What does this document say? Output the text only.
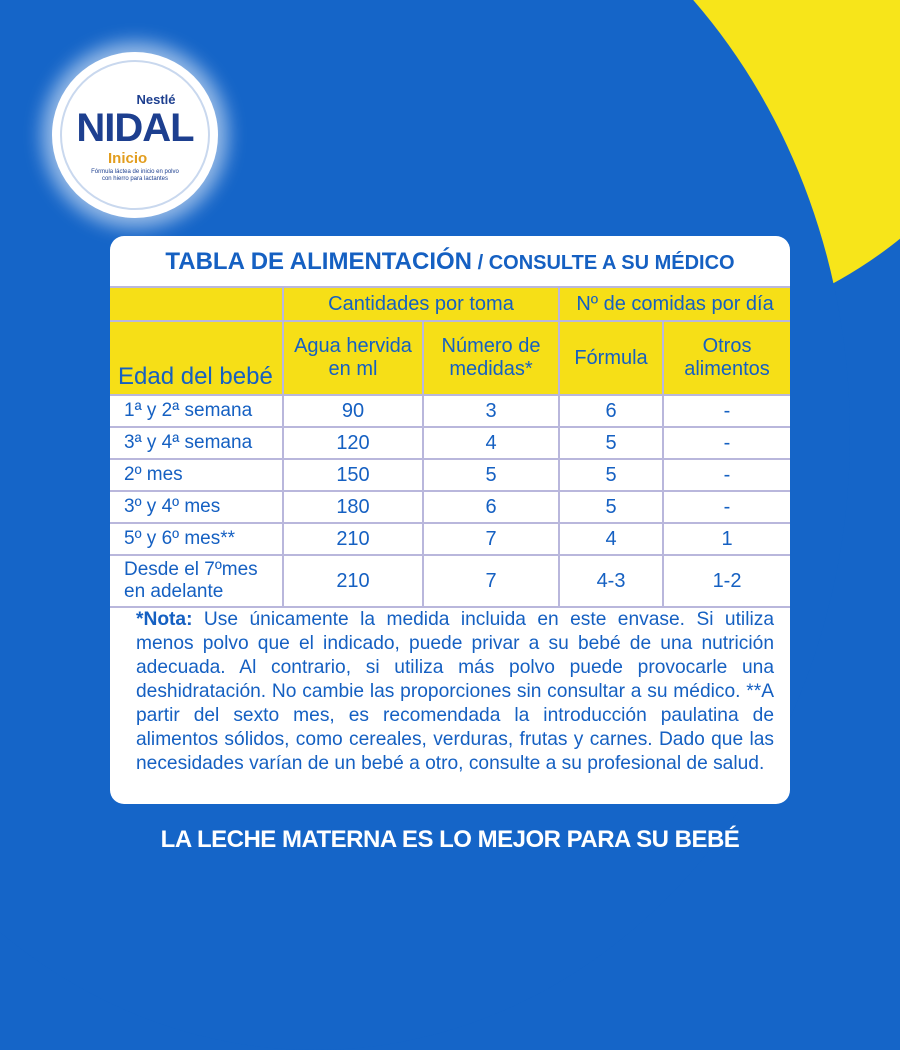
Nestlé
NIDAL
Inicio
Fórmula láctea de inicio en polvo con hierro para lactantes
TABLA DE ALIMENTACIÓN / CONSULTE A SU MÉDICO
	Cantidades por toma		Nº de comidas por día	
Edad del bebé	Agua hervida en ml	Número de medidas*	Fórmula	Otros alimentos
1ª y 2ª semana	90	3	6	-
3ª y 4ª semana	120	4	5	-
2º mes	150	5	5	-
3º y 4º mes	180	6	5	-
5º y 6º mes**	210	7	4	1
Desde el 7ºmes en adelante	210	7	4-3	1-2
*Nota: Use únicamente la medida incluida en este envase. Si utiliza menos polvo que el indicado, puede privar a su bebé de una nutrición adecuada. Al contrario, si utiliza más polvo puede provocarle una deshidratación. No cambie las proporciones sin consultar a su médico. **A partir del sexto mes, es recomendada la introducción paulatina de alimentos sólidos, como cereales, verduras, frutas y carnes. Dado que las necesidades varían de un bebé a otro, consulte a su profesional de salud.
LA LECHE MATERNA ES LO MEJOR PARA SU BEBÉ
